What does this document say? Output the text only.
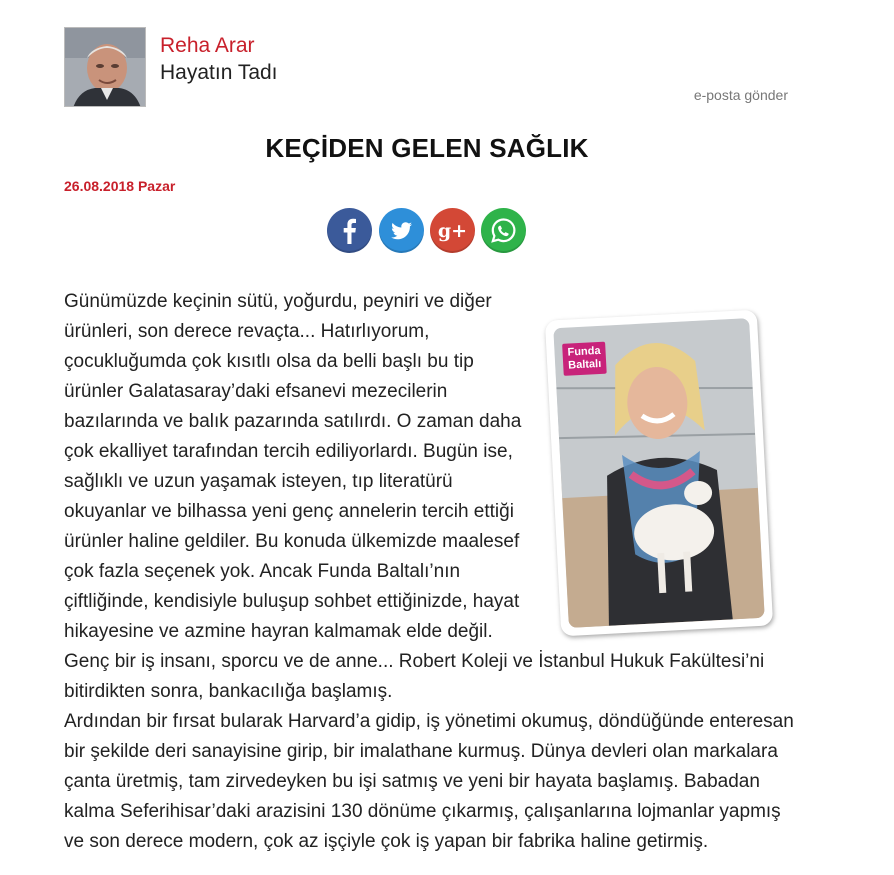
Reha Arar
Hayatın Tadı
e-posta gönder
KEÇİDEN GELEN SAĞLIK
26.08.2018 Pazar
g+
Funda
Baltalı

Günümüzde keçinin sütü, yoğurdu, peyniri ve diğer ürünleri, son derece revaçta... Hatırlıyorum, çocukluğumda çok kısıtlı olsa da belli başlı bu tip ürünler Galatasaray’daki efsanevi mezecilerin bazılarında ve balık pazarında satılırdı. O zaman daha çok ekalliyet tarafından tercih ediliyorlardı. Bugün ise, sağlıklı ve uzun yaşamak isteyen, tıp literatürü okuyanlar ve bilhassa yeni genç annelerin tercih ettiği ürünler haline geldiler. Bu konuda ülkemizde maalesef çok fazla seçenek yok. Ancak Funda Baltalı’nın çiftliğinde, kendisiyle buluşup sohbet ettiğinizde, hayat hikayesine ve azmine hayran kalmamak elde değil. Genç bir iş insanı, sporcu ve de anne... Robert Koleji ve İstanbul Hukuk Fakültesi’ni bitirdikten sonra, bankacılığa başlamış.

Ardından bir fırsat bularak Harvard’a gidip, iş yönetimi okumuş, döndüğünde enteresan bir şekilde deri sanayisine girip, bir imalathane kurmuş. Dünya devleri olan markalara çanta üretmiş, tam zirvedeyken bu işi satmış ve yeni bir hayata başlamış. Babadan kalma Seferihisar’daki arazisini 130 dönüme çıkarmış, çalışanlarına lojmanlar yapmış ve son derece modern, çok az işçiyle çok iş yapan bir fabrika haline getirmiş.
